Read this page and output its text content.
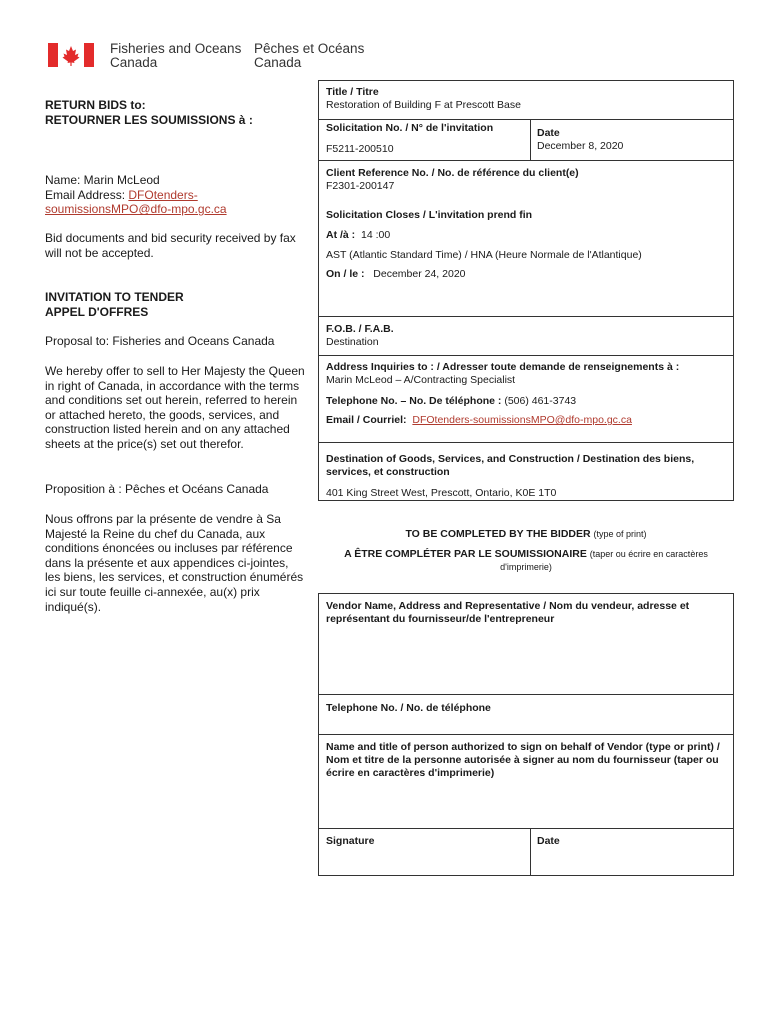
Fisheries and Oceans
Canada
Pêches et Océans
Canada
RETURN BIDS to:
RETOURNER LES SOUMISSIONS à :
Name: Marin McLeod
Email Address: DFOtenders-
soumissionsMPO@dfo-mpo.gc.ca
Bid documents and bid security received by fax will not be accepted.
INVITATION TO TENDER
APPEL D'OFFRES
Proposal to: Fisheries and Oceans Canada
We hereby offer to sell to Her Majesty the Queen in right of Canada, in accordance with the terms and conditions set out herein, referred to herein or attached hereto, the goods, services, and construction listed herein and on any attached sheets at the price(s) set out therefor.
Proposition à : Pêches et Océans Canada
Nous offrons par la présente de vendre à Sa Majesté la Reine du chef du Canada, aux conditions énoncées ou incluses par référence dans la présente et aux appendices ci-jointes, les biens, les services, et construction énumérés ici sur toute feuille ci-annexée, au(x) prix indiqué(s).
Title / Titre
Restoration of Building F at Prescott Base
Solicitation No. / N° de l'invitation
F5211-200510
Date
December 8, 2020
Client Reference No. / No. de référence du client(e)
F2301-200147
Solicitation Closes / L'invitation prend fin
At /à : 14 :00
AST (Atlantic Standard Time) / HNA (Heure Normale de l'Atlantique)
On / le : December 24, 2020
F.O.B. / F.A.B.
Destination
Address Inquiries to : / Adresser toute demande de renseignements à :
Marin McLeod – A/Contracting Specialist
Telephone No. – No. De téléphone : (506) 461-3743
Email / Courriel: DFOtenders-soumissionsMPO@dfo-mpo.gc.ca
Destination of Goods, Services, and Construction / Destination des biens, services, et construction
401 King Street West, Prescott, Ontario, K0E 1T0
TO BE COMPLETED BY THE BIDDER (type of print)
A ÊTRE COMPLÉTER PAR LE SOUMISSIONAIRE (taper ou écrire en caractères d'imprimerie)
Vendor Name, Address and Representative / Nom du vendeur, adresse et représentant du fournisseur/de l'entrepreneur
Telephone No. / No. de téléphone
Name and title of person authorized to sign on behalf of Vendor (type or print) / Nom et titre de la personne autorisée à signer au nom du fournisseur (taper ou écrire en caractères d'imprimerie)
Signature	Date
